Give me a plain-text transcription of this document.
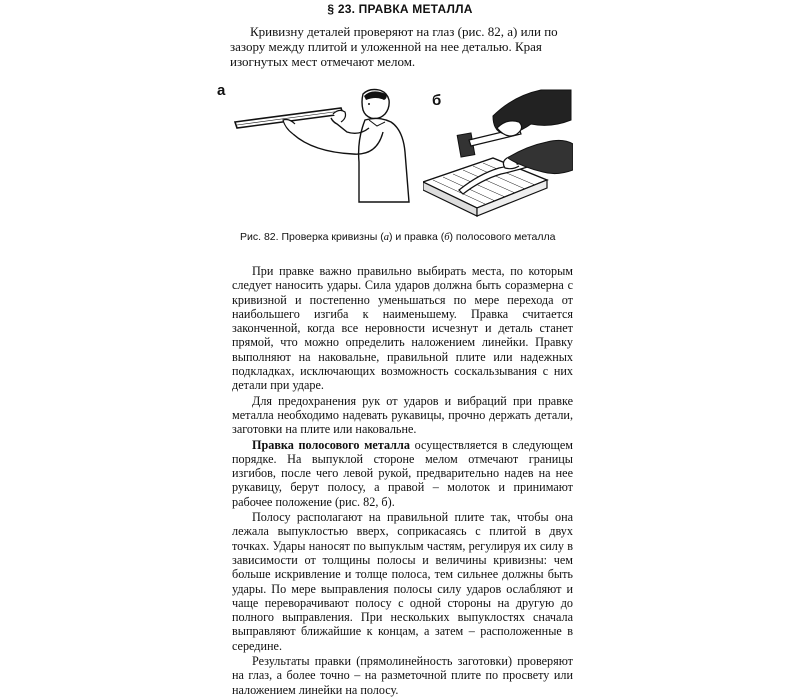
§ 23. ПРАВКА МЕТАЛЛА

Кривизну деталей проверяют на глаз (рис. 82, а) или по зазору между плитой и уложенной на нее деталью. Края изогнутых мест отмечают мелом.

а
б
Рис. 82. Проверка кривизны (а) и правка (б) полосового металла

При правке важно правильно выбирать места, по которым следует наносить удары. Сила ударов должна быть соразмерна с кривизной и постепенно уменьшаться по мере перехода от наибольшего изгиба к наименьшему. Правка считается законченной, когда все неровности исчезнут и деталь станет прямой, что можно определить наложением линейки. Правку выполняют на наковальне, правильной плите или надежных подкладках, исключающих возможность соскальзывания с них детали при ударе.

Для предохранения рук от ударов и вибраций при правке металла необходимо надевать рукавицы, прочно держать детали, заготовки на плите или наковальне.

Правка полосового металла осуществляется в следующем порядке. На выпуклой стороне мелом отмечают границы изгибов, после чего левой рукой, предварительно надев на нее рукавицу, берут полосу, а правой – молоток и принимают рабочее положение (рис. 82, б).

Полосу располагают на правильной плите так, чтобы она лежала выпуклостью вверх, соприкасаясь с плитой в двух точках. Удары наносят по выпуклым частям, регулируя их силу в зависимости от толщины полосы и величины кривизны: чем больше искривление и толще полоса, тем сильнее должны быть удары. По мере выправления полосы силу ударов ослабляют и чаще переворачивают полосу с одной стороны на другую до полного выправления. При нескольких выпуклостях сначала выправляют ближайшие к концам, а затем – расположенные в середине.

Результаты правки (прямолинейность заготовки) проверяют на глаз, а более точно – на разметочной плите по просвету или наложением линейки на полосу.
